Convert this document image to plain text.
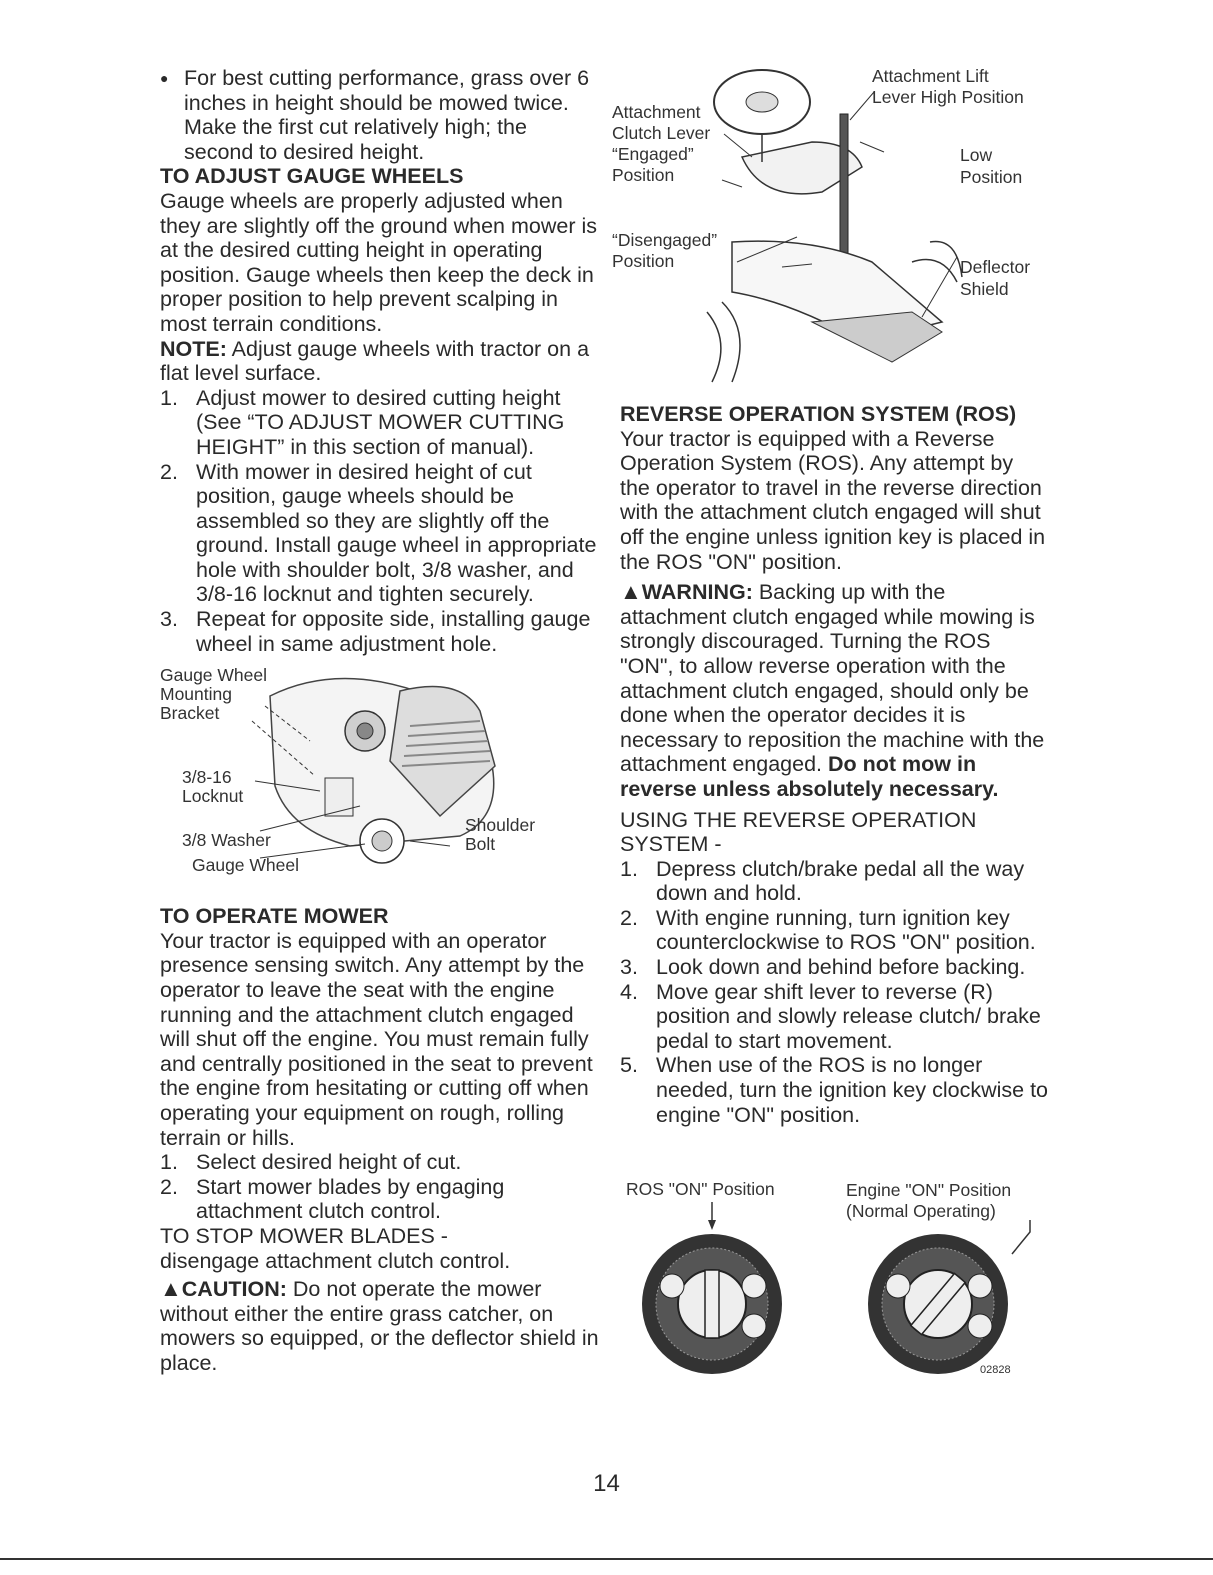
● For best cutting performance, grass over 6 inches in height should be mowed twice. Make the first cut relatively high; the second to desired height.

TO ADJUST GAUGE WHEELS

Gauge wheels are properly adjusted when they are slightly off the ground when mower is at the desired cutting height in operating position. Gauge wheels then keep the deck in proper position to help prevent scalping in most terrain conditions.

NOTE: Adjust gauge wheels with tractor on a flat level surface.

1. Adjust mower to desired cutting height (See “TO ADJUST MOWER CUTTING HEIGHT” in this section of manual).
2. With mower in desired height of cut position, gauge wheels should be assembled so they are slightly off the ground. Install gauge wheel in appropriate hole with shoulder bolt, 3/8 washer, and 3/8-16 locknut and tighten securely.
3. Repeat for opposite side, installing gauge wheel in same adjustment hole.
Gauge Wheel
Mounting
Bracket
3/8-16
Locknut
3/8 Washer
Gauge Wheel
Shoulder
Bolt

TO OPERATE MOWER

Your tractor is equipped with an operator presence sensing switch. Any attempt by the operator to leave the seat with the engine running and the attachment clutch engaged will shut off the engine. You must remain fully and centrally positioned in the seat to prevent the engine from hesitating or cutting off when operating your equipment on rough, rolling terrain or hills.

1. Select desired height of cut.
2. Start mower blades by engaging attachment clutch control.

TO STOP MOWER BLADES -

disengage attachment clutch control.

▲CAUTION: Do not operate the mower without either the entire grass catcher, on mowers so equipped, or the deflector shield in place.

Attachment
Clutch Lever
“Engaged”
Position
“Disengaged”
Position
Attachment Lift
Lever High Position
Low
Position
Deflector
Shield

REVERSE OPERATION SYSTEM (ROS)

Your tractor is equipped with a Reverse Operation System (ROS). Any attempt by the operator to travel in the reverse direction with the attachment clutch engaged will shut off the engine unless ignition key is placed in the ROS "ON" position.

▲WARNING: Backing up with the attachment clutch engaged while mowing is strongly discouraged. Turning the ROS "ON", to allow reverse operation with the attachment clutch engaged, should only be done when the operator decides it is necessary to reposition the machine with the attachment engaged. Do not mow in reverse unless absolutely necessary.

USING THE REVERSE OPERATION SYSTEM -

1. Depress clutch/brake pedal all the way down and hold.
2. With engine running, turn ignition key counterclockwise to ROS "ON" position.
3. Look down and behind before backing.
4. Move gear shift lever to reverse (R) position and slowly release clutch/ brake pedal to start movement.
5. When use of the ROS is no longer needed, turn the ignition key clockwise to engine "ON" position.
ROS "ON" Position	Engine "ON" Position
(Normal Operating)
02828
14
